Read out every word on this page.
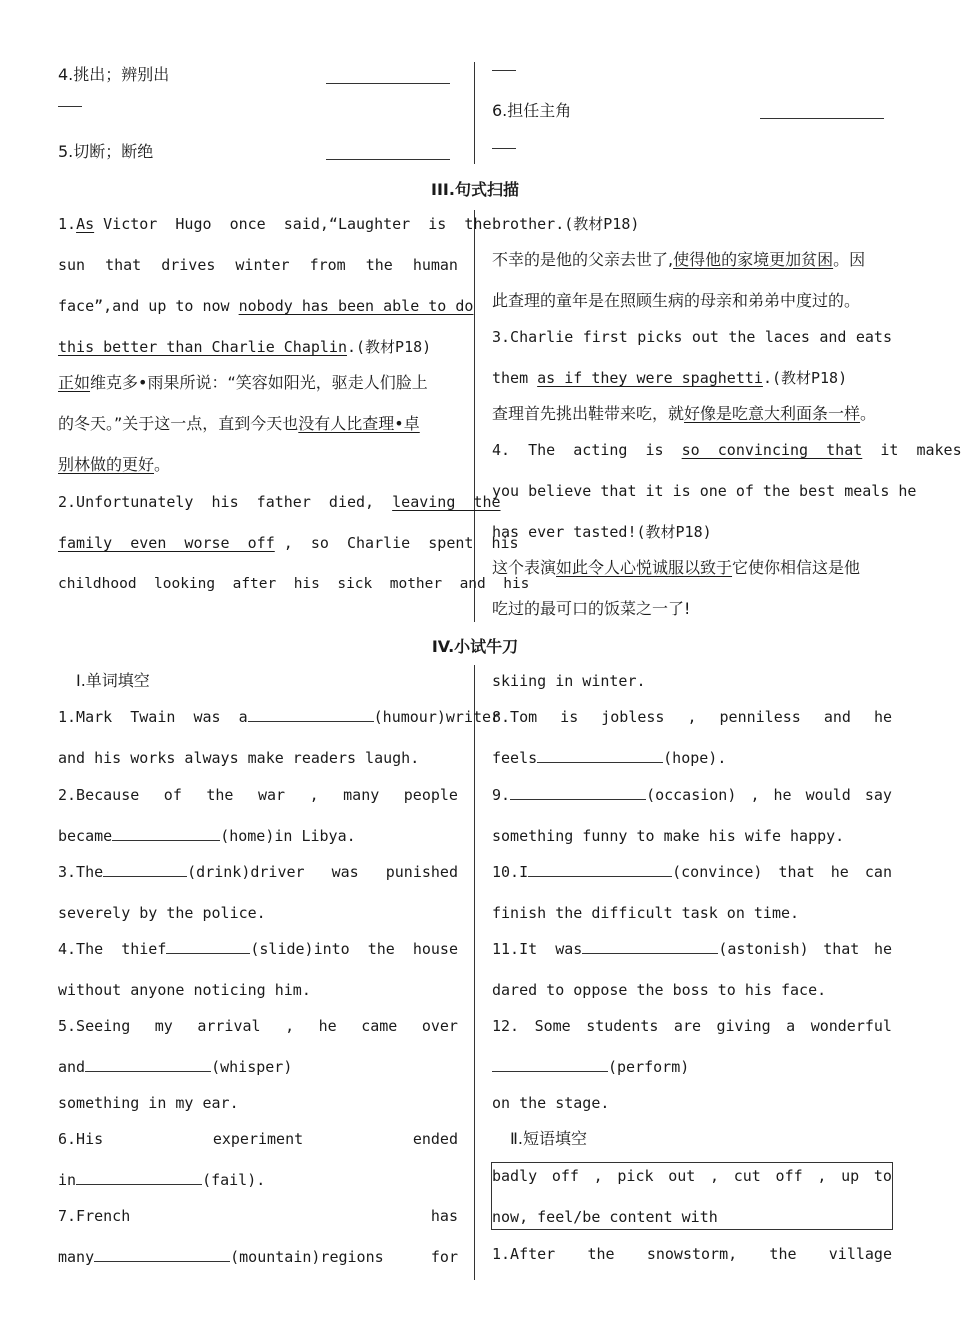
4.挑出；辨别出
5.切断；断绝
6.担任主角
III.句式扫描
1.As Victor  Hugo  once  said,“Laughter  is  the
sun that drives winter from the human
face”,and up to now nobody has been able to do
this better than Charlie Chaplin.(教材P18)
正如维克多•雨果所说：“笑容如阳光，驱走人们脸上
的冬天。”关于这一点，直到今天也没有人比查理•卓
别林做的更好。
2.Unfortunately  his  father  died,  leaving  the
family  even  worse  off ,  so  Charlie  spent  his
childhood  looking  after  his  sick  mother  and  his
brother.(教材P18)
不幸的是他的父亲去世了,使得他的家境更加贫困。因
此查理的童年是在照顾生病的母亲和弟弟中度过的。
3.Charlie first picks out the laces and eats
them as if they were spaghetti.(教材P18)
查理首先挑出鞋带来吃，就好像是吃意大利面条一样。
4.  The  acting  is  so  convincing  that  it  makes
you believe that it is one of the best meals he
has ever tasted!(教材P18)
这个表演如此令人心悦诚服以致于它使你相信这是他
吃过的最可口的饭菜之一了!
IV.小试牛刀
Ⅰ.单词填空
1.Mark  Twain  was  a	(humour)writer
and his works always make readers laugh.
2.Because of the war , many people
became	(home)in Libya.
3.The	(drink)driver was punished
severely by the police.
4.The  thief	(slide)into the house
without anyone noticing him.
5.Seeing my arrival , he came over
and	(whisper)
something in my ear.
6.His	experiment	ended
in	(fail).
7.French	has
many	(mountain)regions	for
skiing in winter.
8.Tom is jobless , penniless and he
feels	(hope).
9.	(occasion) , he would say
something funny to make his wife happy.
10.I	(convince) that he can
finish the difficult task on time.
11.It  was	(astonish) that he
dared to oppose the boss to his face.
12. Some students are giving a wonderful
(perform)
on the stage.
Ⅱ.短语填空
badly off , pick out , cut off , up to
now, feel/be content with
1.After the snowstorm, the village
